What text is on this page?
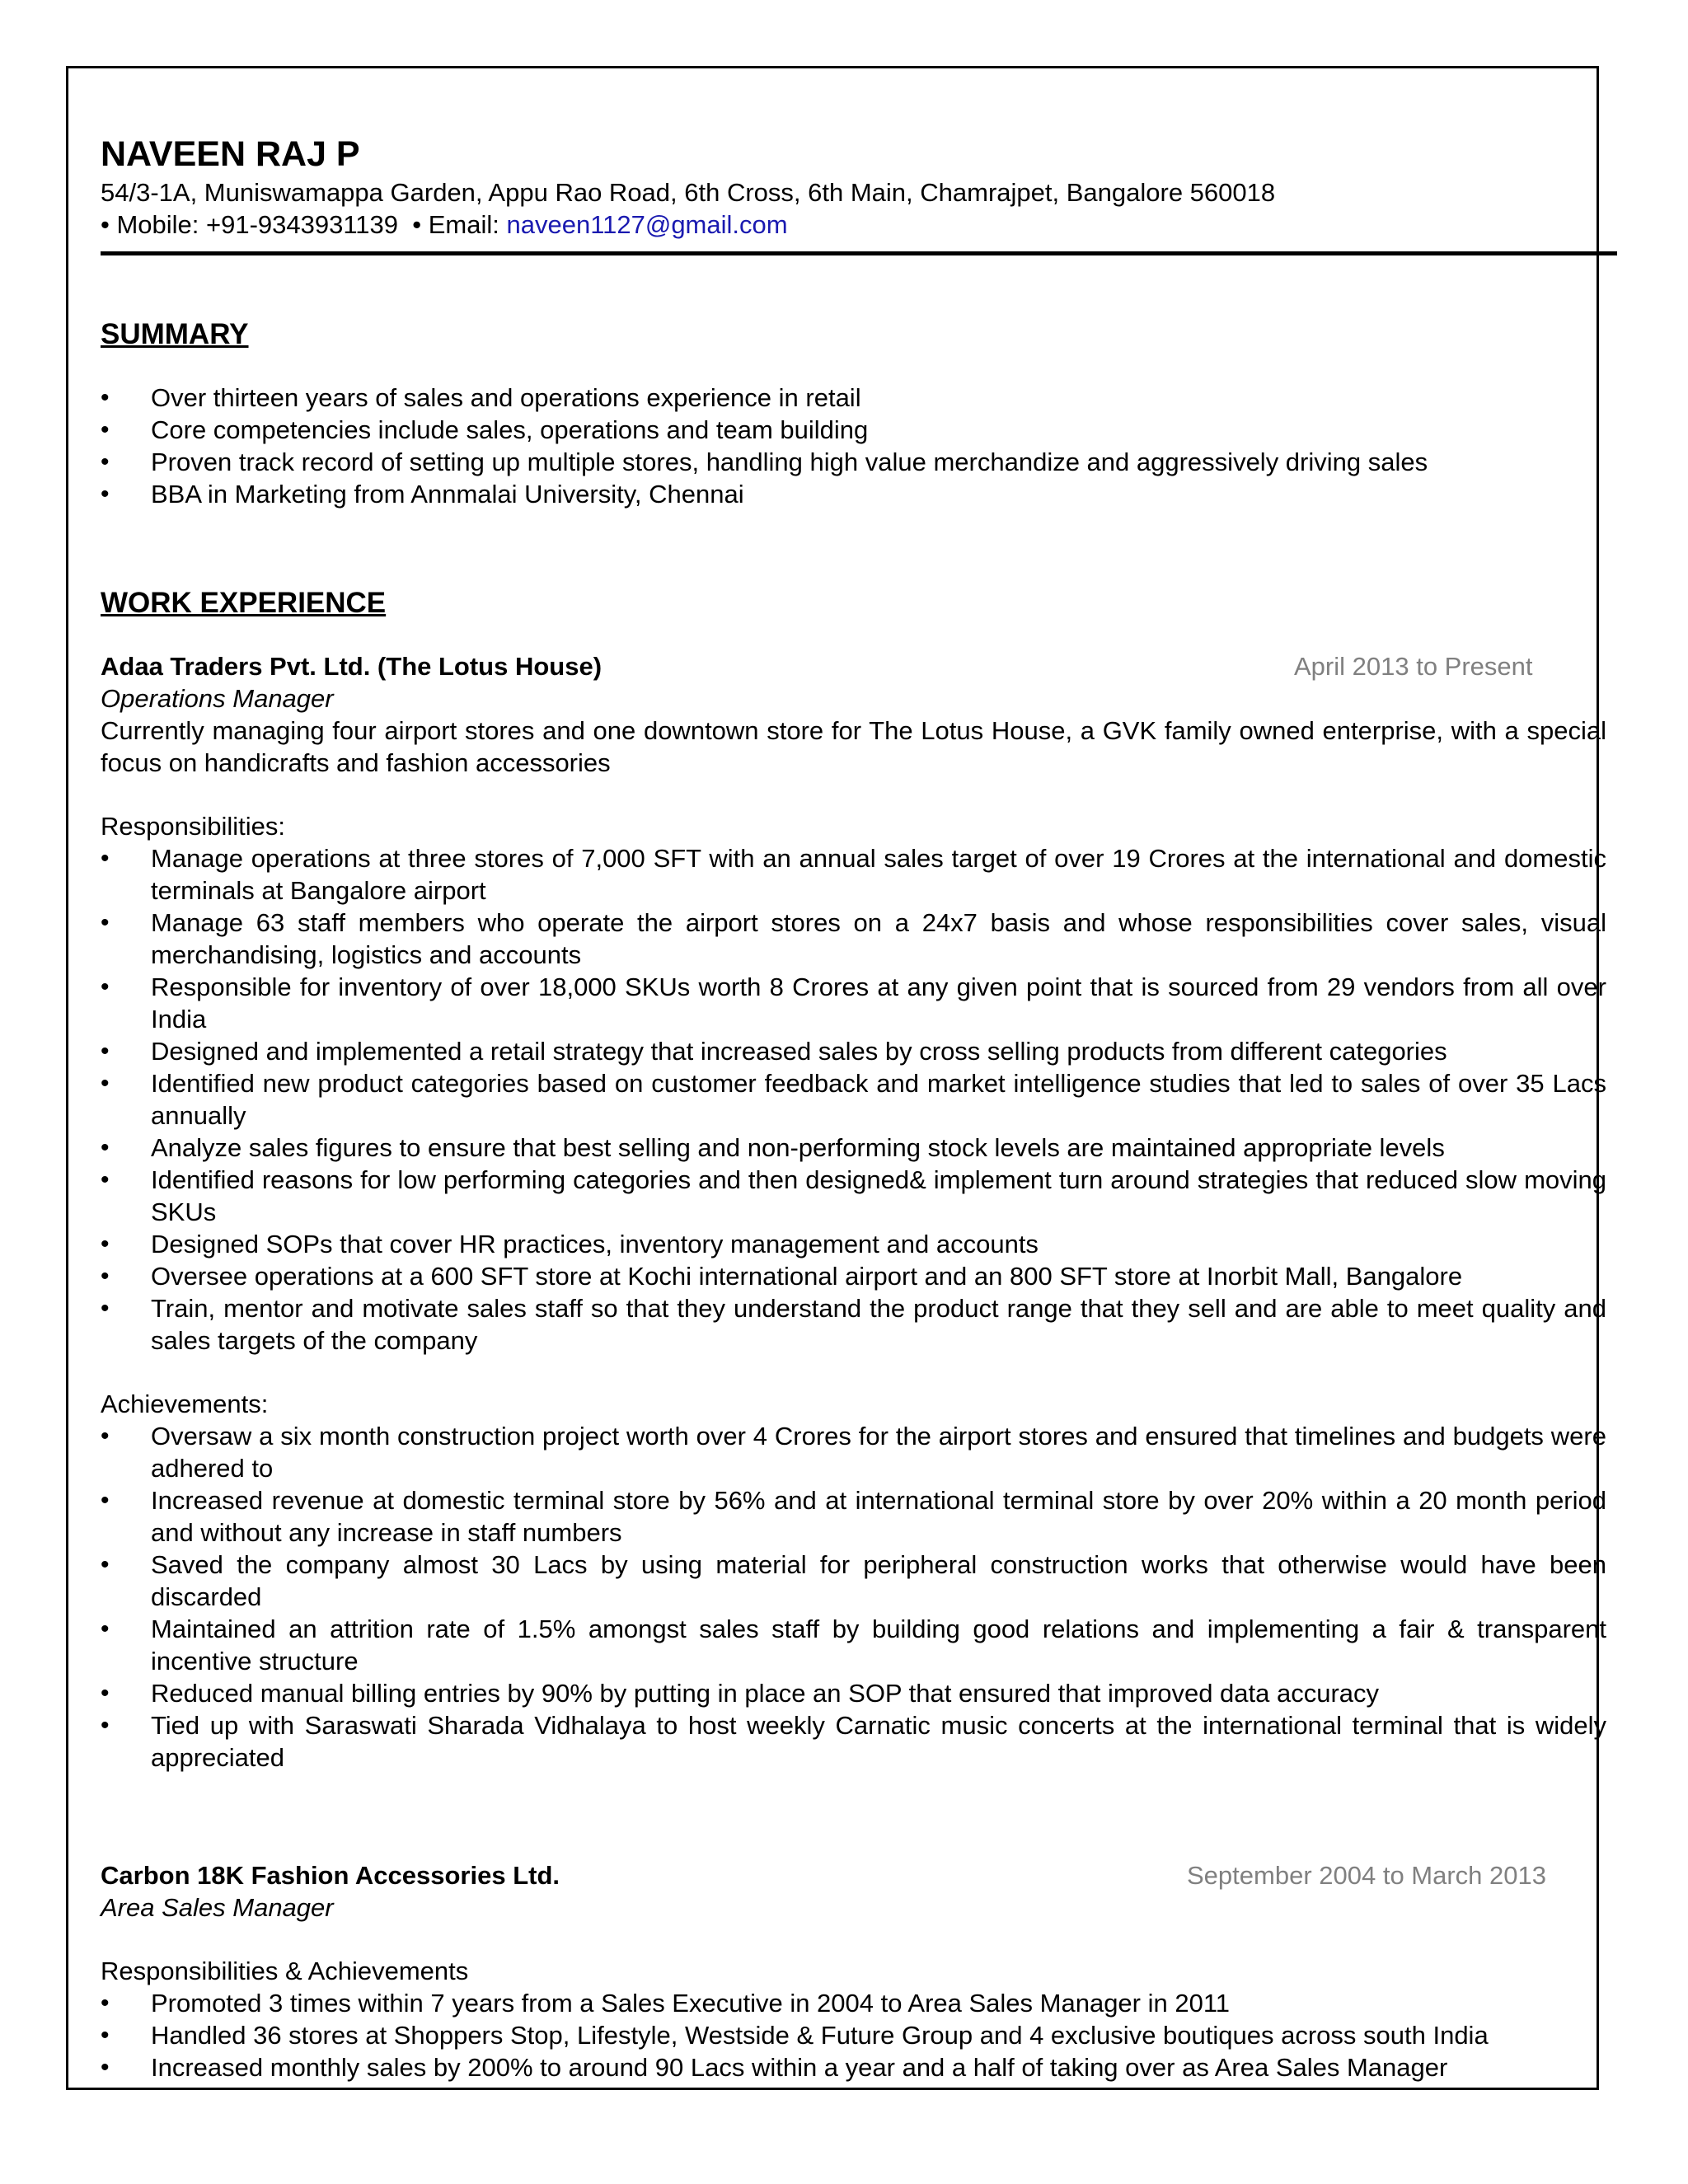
NAVEEN RAJ P

54/3-1A, Muniswamappa Garden, Appu Rao Road, 6th Cross, 6th Main, Chamrajpet, Bangalore 560018

• Mobile: +91-9343931139 • Email: naveen1127@gmail.com

SUMMARY

• Over thirteen years of sales and operations experience in retail
• Core competencies include sales, operations and team building
• Proven track record of setting up multiple stores, handling high value merchandize and aggressively driving sales
• BBA in Marketing from Annmalai University, Chennai

WORK EXPERIENCE

Adaa Traders Pvt. Ltd. (The Lotus House)	April 2013 to Present
Operations Manager
Currently managing four airport stores and one downtown store for The Lotus House, a GVK family owned enterprise, with a special focus on handicrafts and fashion accessories
Responsibilities:
• Manage operations at three stores of 7,000 SFT with an annual sales target of over 19 Crores at the international and domestic terminals at Bangalore airport
• Manage 63 staff members who operate the airport stores on a 24x7 basis and whose responsibilities cover sales, visual merchandising, logistics and accounts
• Responsible for inventory of over 18,000 SKUs worth 8 Crores at any given point that is sourced from 29 vendors from all over India
• Designed and implemented a retail strategy that increased sales by cross selling products from different categories
• Identified new product categories based on customer feedback and market intelligence studies that led to sales of over 35 Lacs annually
• Analyze sales figures to ensure that best selling and non-performing stock levels are maintained appropriate levels
• Identified reasons for low performing categories and then designed& implement turn around strategies that reduced slow moving SKUs
• Designed SOPs that cover HR practices, inventory management and accounts
• Oversee operations at a 600 SFT store at Kochi international airport and an 800 SFT store at Inorbit Mall, Bangalore
• Train, mentor and motivate sales staff so that they understand the product range that they sell and are able to meet quality and sales targets of the company
Achievements:
• Oversaw a six month construction project worth over 4 Crores for the airport stores and ensured that timelines and budgets were adhered to
• Increased revenue at domestic terminal store by 56% and at international terminal store by over 20% within a 20 month period and without any increase in staff numbers
• Saved the company almost 30 Lacs by using material for peripheral construction works that otherwise would have been discarded
• Maintained an attrition rate of 1.5% amongst sales staff by building good relations and implementing a fair & transparent incentive structure
• Reduced manual billing entries by 90% by putting in place an SOP that ensured that improved data accuracy
• Tied up with Saraswati Sharada Vidhalaya to host weekly Carnatic music concerts at the international terminal that is widely appreciated
Carbon 18K Fashion Accessories Ltd.	September 2004 to March 2013
Area Sales Manager
Responsibilities & Achievements
• Promoted 3 times within 7 years from a Sales Executive in 2004 to Area Sales Manager in 2011
• Handled 36 stores at Shoppers Stop, Lifestyle, Westside & Future Group and 4 exclusive boutiques across south India
• Increased monthly sales by 200% to around 90 Lacs within a year and a half of taking over as Area Sales Manager
